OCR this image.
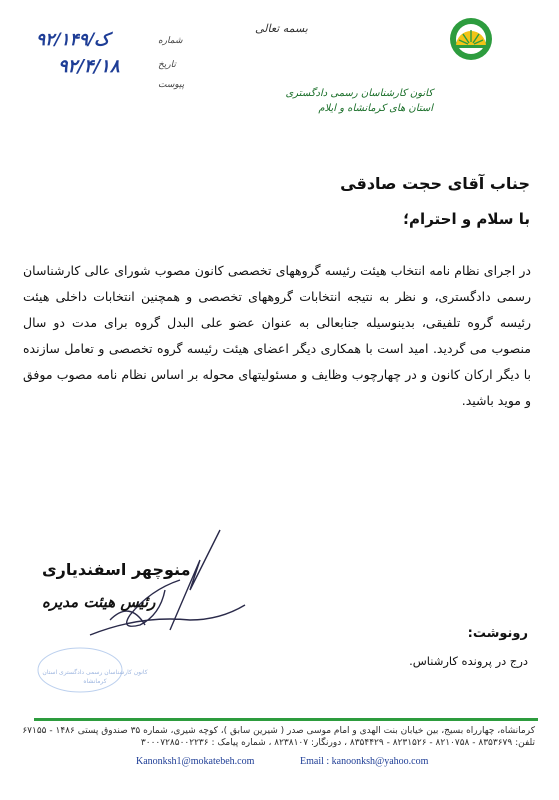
بسمه تعالی
کانون کارشناسان رسمی دادگستری
استان های کرمانشاه و ایلام
شماره
۹۲/ک/۱۴۹
تاریخ
۹۲/۴/۱۸
پیوست
جناب آقای حجت صادقی
با سلام و احترام؛
در اجرای نظام نامه انتخاب هیئت رئیسه گروههای تخصصی کانون مصوب شورای عالی کارشناسان رسمی دادگستری، و نظر به نتیجه انتخابات گروههای تخصصی و همچنین انتخابات داخلی هیئت رئیسه گروه تلفیقی، بدینوسیله جنابعالی به عنوان عضو علی البدل گروه برای مدت دو سال منصوب می گردید. امید است با همکاری دیگر اعضای هیئت رئیسه گروه تخصصی و تعامل سازنده با دیگر ارکان کانون و در چهارچوب وظایف و مسئولیتهای محوله بر اساس نظام نامه مصوب موفق و موید باشید.
منوچهر اسفندیاری
رئیس هیئت مدیره
کانون کارشناسان رسمی دادگستری استان کرمانشاه
رونوشت:
درج در پرونده کارشناس.
کرمانشاه، چهارراه بسیج، بین خیابان بنت الهدی و امام موسی صدر ( شیرین سابق )، کوچه شیری، شماره ۳۵ صندوق پستی ۱۴۸۶ - ۶۷۱۵۵
تلفن: ۸۳۵۳۶۷۹ - ۸۲۱۰۷۵۸ - ۸۲۳۱۵۲۶ - ۸۳۵۴۴۲۹ ، دورنگار: ۸۲۳۸۱۰۷ ، شماره پیامک : ۳۰۰۰۷۲۸۵۰۰۲۲۳۶
Kanonksh1@mokatebeh.com	Email : kanoonksh@yahoo.com
